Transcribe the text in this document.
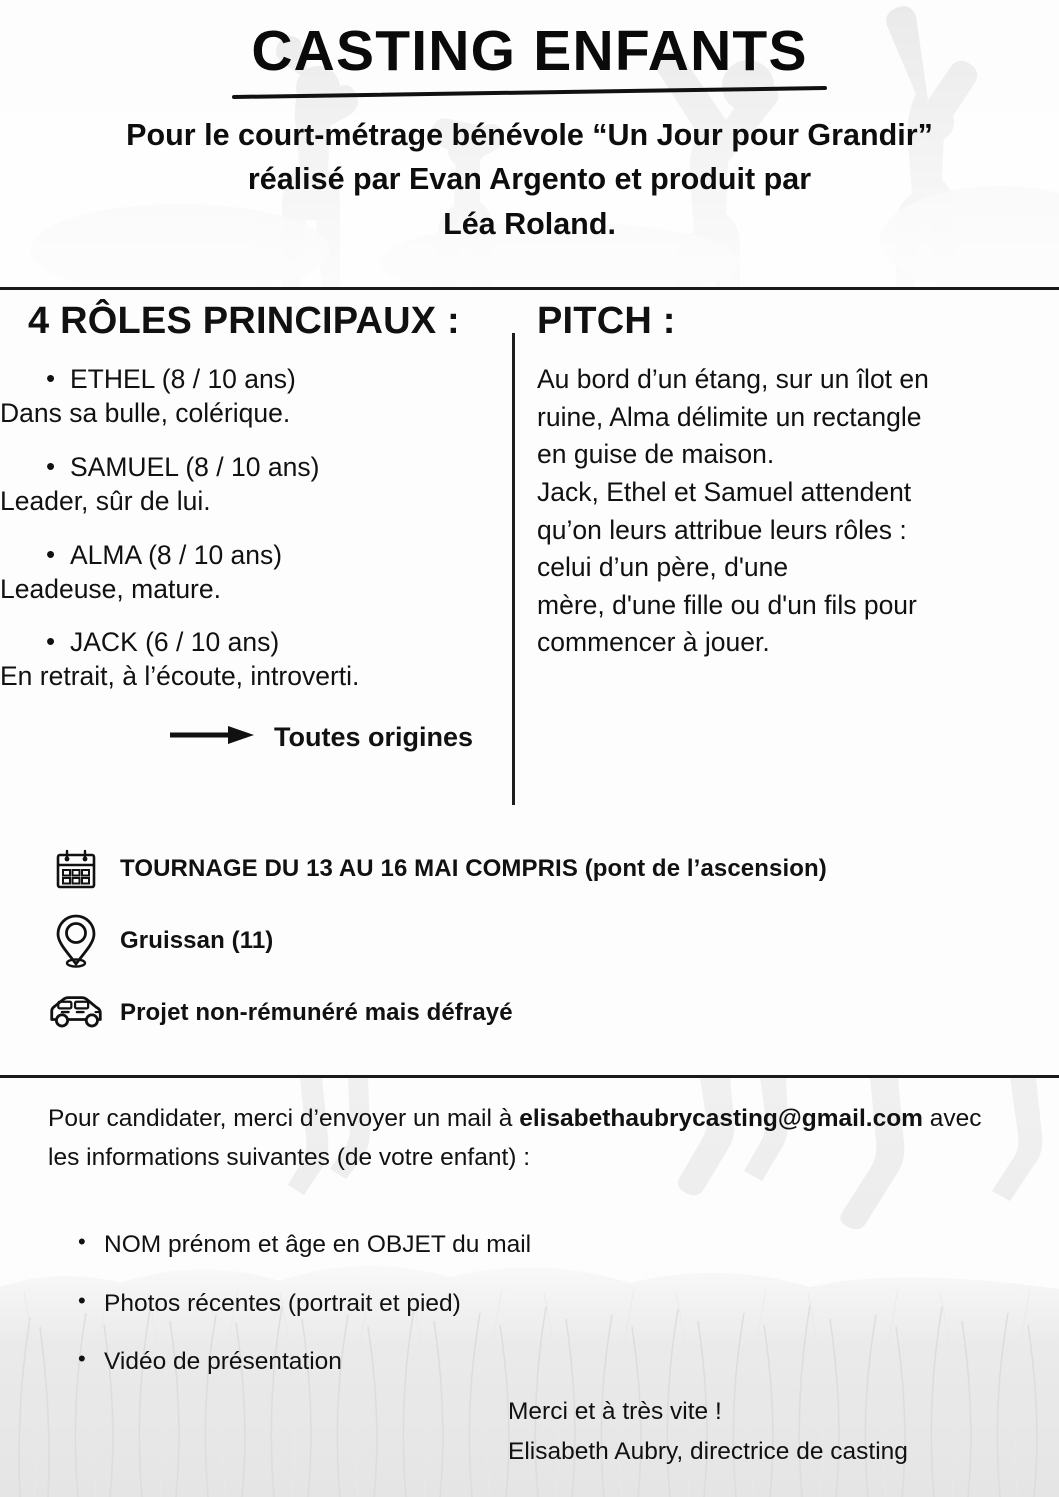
CASTING ENFANTS
Pour le court-métrage bénévole “Un Jour pour Grandir”
réalisé par Evan Argento et produit par
Léa Roland.
4 RÔLES PRINCIPAUX :

• ETHEL (8 / 10 ans)

Dans sa bulle, colérique.

• SAMUEL (8 / 10 ans)

Leader, sûr de lui.

• ALMA (8 / 10 ans)

Leadeuse, mature.

• JACK (6 / 10 ans)

En retrait, à l’écoute, introverti.

Toutes origines
PITCH :

Au bord d’un étang, sur un îlot en

ruine, Alma délimite un rectangle

en guise de maison.

Jack, Ethel et Samuel attendent

qu’on leurs attribue leurs rôles :

celui d’un père, d'une

mère, d'une fille ou d'un fils pour

commencer à jouer.

TOURNAGE DU 13 AU 16 MAI COMPRIS (pont de l’ascension)
Gruissan (11)
Projet non-rémunéré mais défrayé

Pour candidater, merci d’envoyer un mail à elisabethaubrycasting@gmail.com avec les informations suivantes (de votre enfant) :

• NOM prénom et âge en OBJET du mail
• Photos récentes (portrait et pied)
• Vidéo de présentation
Merci et à très vite !
Elisabeth Aubry, directrice de casting
